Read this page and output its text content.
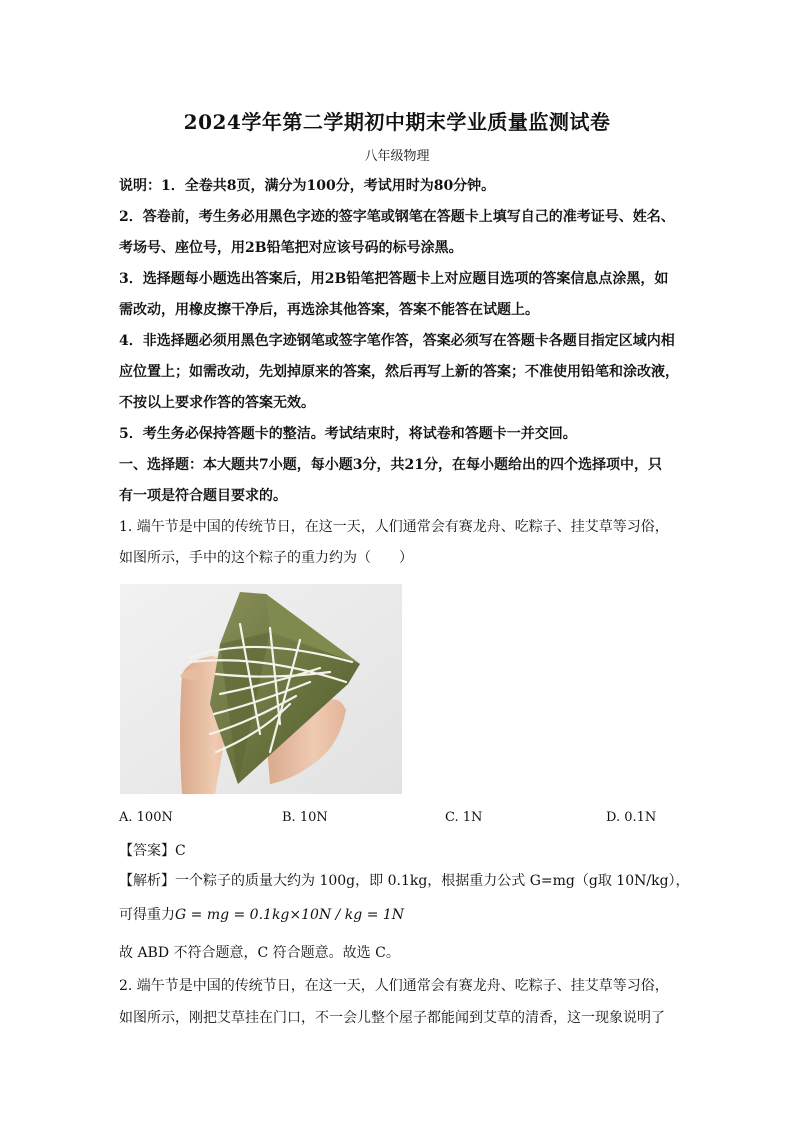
2024学年第二学期初中期末学业质量监测试卷
八年级物理
说明：1．全卷共8页，满分为100分，考试用时为80分钟。
2．答卷前，考生务必用黑色字迹的签字笔或钢笔在答题卡上填写自己的准考证号、姓名、
考场号、座位号，用2B铅笔把对应该号码的标号涂黑。
3．选择题每小题选出答案后，用2B铅笔把答题卡上对应题目选项的答案信息点涂黑，如
需改动，用橡皮擦干净后，再选涂其他答案，答案不能答在试题上。
4．非选择题必须用黑色字迹钢笔或签字笔作答，答案必须写在答题卡各题目指定区域内相
应位置上；如需改动，先划掉原来的答案，然后再写上新的答案；不准使用铅笔和涂改液，
不按以上要求作答的答案无效。
5．考生务必保持答题卡的整洁。考试结束时，将试卷和答题卡一并交回。
一、选择题：本大题共7小题，每小题3分，共21分，在每小题给出的四个选择项中，只
有一项是符合题目要求的。
1. 端午节是中国的传统节日，在这一天，人们通常会有赛龙舟、吃粽子、挂艾草等习俗，
如图所示，手中的这个粽子的重力约为（　　）
A. 100N	B. 10N	C. 1N	D. 0.1N
【答案】C
【解析】一个粽子的质量大约为 100g，即 0.1kg，根据重力公式 G=mg（g取 10N/kg），
可得重力G = mg = 0.1kg×10N / kg = 1N
故 ABD 不符合题意，C 符合题意。故选 C。
2. 端午节是中国的传统节日，在这一天，人们通常会有赛龙舟、吃粽子、挂艾草等习俗，
如图所示，刚把艾草挂在门口，不一会儿整个屋子都能闻到艾草的清香，这一现象说明了
